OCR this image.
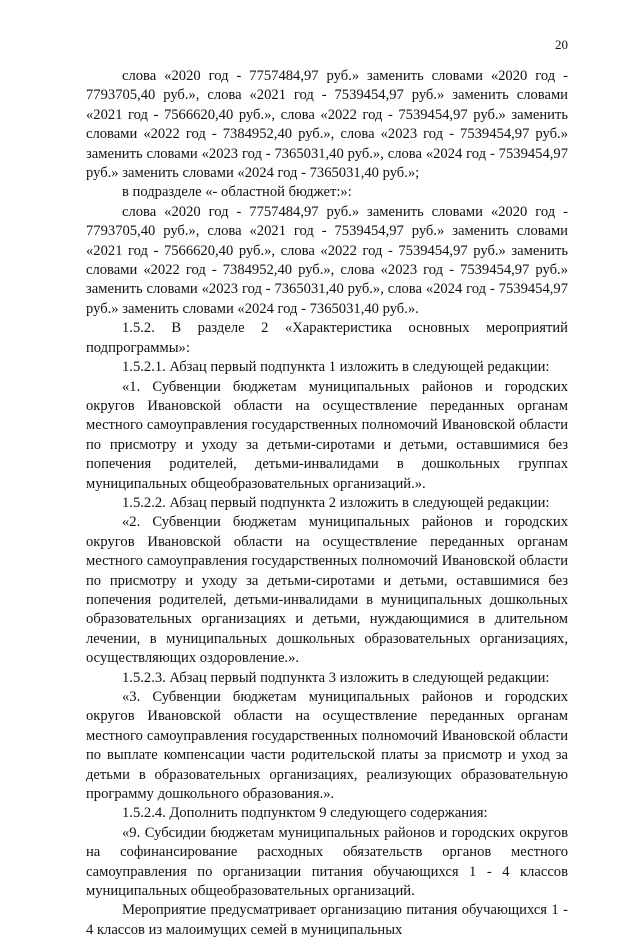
20

слова «2020 год - 7757484,97 руб.» заменить словами «2020 год - 7793705,40 руб.», слова «2021 год - 7539454,97 руб.» заменить словами «2021 год - 7566620,40 руб.», слова «2022 год - 7539454,97 руб.» заменить словами «2022 год - 7384952,40 руб.», слова «2023 год - 7539454,97 руб.» заменить словами «2023 год - 7365031,40 руб.», слова «2024 год - 7539454,97 руб.» заменить словами «2024 год - 7365031,40 руб.»;

в подразделе «- областной бюджет:»:

слова «2020 год - 7757484,97 руб.» заменить словами «2020 год - 7793705,40 руб.», слова «2021 год - 7539454,97 руб.» заменить словами «2021 год - 7566620,40 руб.», слова «2022 год - 7539454,97 руб.» заменить словами «2022 год - 7384952,40 руб.», слова «2023 год - 7539454,97 руб.» заменить словами «2023 год - 7365031,40 руб.», слова «2024 год - 7539454,97 руб.» заменить словами «2024 год - 7365031,40 руб.».

1.5.2. В разделе 2 «Характеристика основных мероприятий подпрограммы»:

1.5.2.1. Абзац первый подпункта 1 изложить в следующей редакции:

«1. Субвенции бюджетам муниципальных районов и городских округов Ивановской области на осуществление переданных органам местного самоуправления государственных полномочий Ивановской области по присмотру и уходу за детьми-сиротами и детьми, оставшимися без попечения родителей, детьми-инвалидами в дошкольных группах муниципальных общеобразовательных организаций.».

1.5.2.2. Абзац первый подпункта 2 изложить в следующей редакции:

«2. Субвенции бюджетам муниципальных районов и городских округов Ивановской области на осуществление переданных органам местного самоуправления государственных полномочий Ивановской области по присмотру и уходу за детьми-сиротами и детьми, оставшимися без попечения родителей, детьми-инвалидами в муниципальных дошкольных образовательных организациях и детьми, нуждающимися в длительном лечении, в муниципальных дошкольных образовательных организациях, осуществляющих оздоровление.».

1.5.2.3. Абзац первый подпункта 3 изложить в следующей редакции:

«3. Субвенции бюджетам муниципальных районов и городских округов Ивановской области на осуществление переданных органам местного самоуправления государственных полномочий Ивановской области по выплате компенсации части родительской платы за присмотр и уход за детьми в образовательных организациях, реализующих образовательную программу дошкольного образования.».

1.5.2.4. Дополнить подпунктом 9 следующего содержания:

«9. Субсидии бюджетам муниципальных районов и городских округов на софинансирование расходных обязательств органов местного самоуправления по организации питания обучающихся 1 - 4 классов муниципальных общеобразовательных организаций.

Мероприятие предусматривает организацию питания обучающихся 1 - 4 классов из малоимущих семей в муниципальных
